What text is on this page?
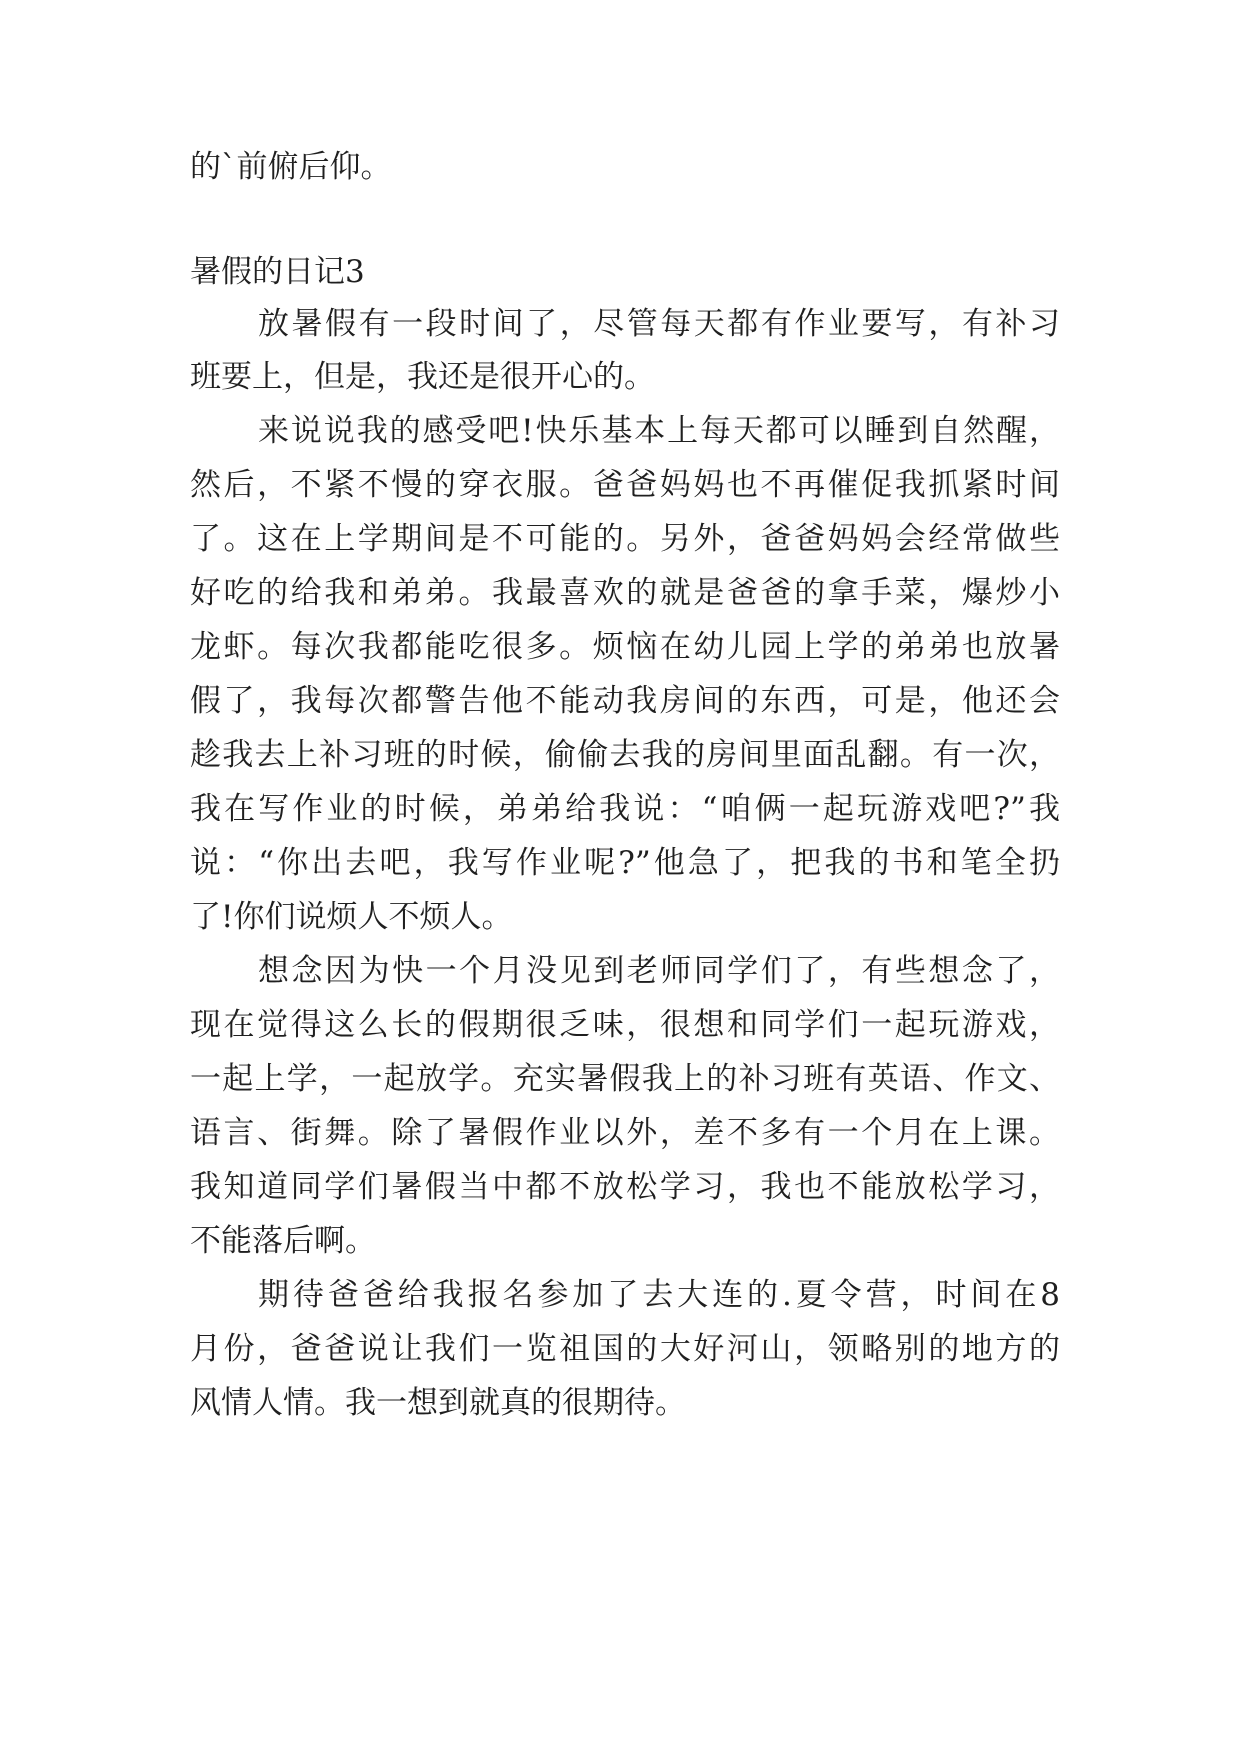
的`前俯后仰。
暑假的日记3
放暑假有一段时间了，尽管每天都有作业要写，有补习
班要上，但是，我还是很开心的。
来说说我的感受吧!快乐基本上每天都可以睡到自然醒，
然后，不紧不慢的穿衣服。爸爸妈妈也不再催促我抓紧时间
了。这在上学期间是不可能的。另外，爸爸妈妈会经常做些
好吃的给我和弟弟。我最喜欢的就是爸爸的拿手菜，爆炒小
龙虾。每次我都能吃很多。烦恼在幼儿园上学的弟弟也放暑
假了，我每次都警告他不能动我房间的东西，可是，他还会
趁我去上补习班的时候，偷偷去我的房间里面乱翻。有一次，
我在写作业的时候，弟弟给我说：“咱俩一起玩游戏吧?”我
说：“你出去吧，我写作业呢?”他急了，把我的书和笔全扔
了!你们说烦人不烦人。
想念因为快一个月没见到老师同学们了，有些想念了，
现在觉得这么长的假期很乏味，很想和同学们一起玩游戏，
一起上学，一起放学。充实暑假我上的补习班有英语、作文、
语言、街舞。除了暑假作业以外，差不多有一个月在上课。
我知道同学们暑假当中都不放松学习，我也不能放松学习，
不能落后啊。
期待爸爸给我报名参加了去大连的.夏令营，时间在8
月份，爸爸说让我们一览祖国的大好河山，领略别的地方的
风情人情。我一想到就真的很期待。
